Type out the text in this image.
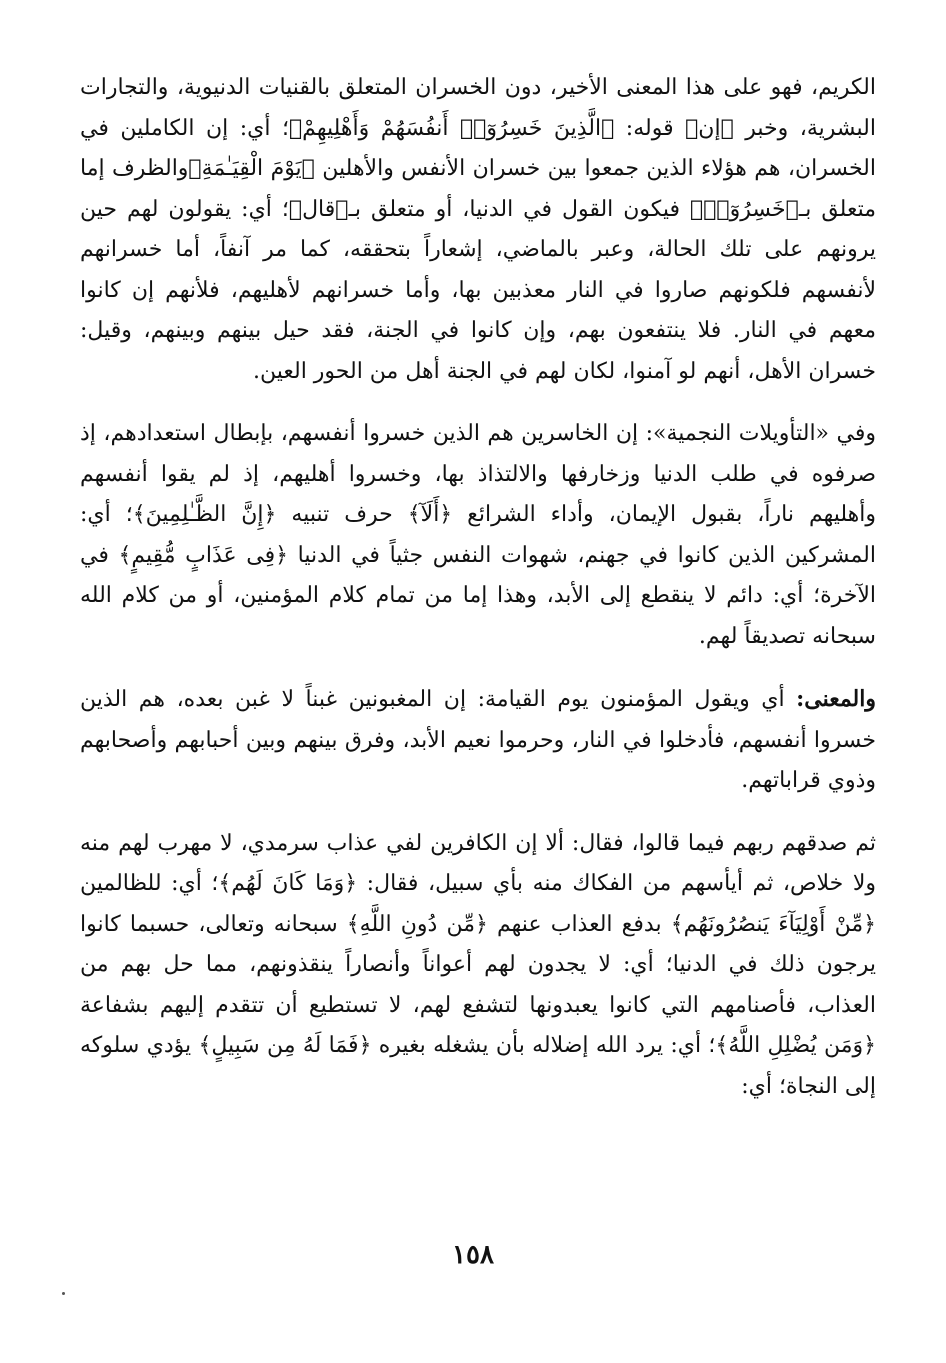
الكريم، فهو على هذا المعنى الأخير، دون الخسران المتعلق بالقنيات الدنيوية، والتجارات البشرية، وخبر ﴿إن﴾ قوله: ﴿الَّذِينَ خَسِرُوٓا۟ أَنفُسَهُمْ وَأَهْلِيهِمْ﴾؛ أي: إن الكاملين في الخسران، هم هؤلاء الذين جمعوا بين خسران الأنفس والأهلين ﴿يَوْمَ الْقِيَـٰمَةِ﴾والظرف إما متعلق بـ﴿خَسِرُوٓا۟﴾ فيكون القول في الدنيا، أو متعلق بـ﴿قال﴾؛ أي: يقولون لهم حين يرونهم على تلك الحالة، وعبر بالماضي، إشعاراً بتحققه، كما مر آنفاً، أما خسرانهم لأنفسهم فلكونهم صاروا في النار معذبين بها، وأما خسرانهم لأهليهم، فلأنهم إن كانوا معهم في النار. فلا ينتفعون بهم، وإن كانوا في الجنة، فقد حيل بينهم وبينهم، وقيل: خسران الأهل، أنهم لو آمنوا، لكان لهم في الجنة أهل من الحور العين.

وفي «التأويلات النجمية»: إن الخاسرين هم الذين خسروا أنفسهم، بإبطال استعدادهم، إذ صرفوه في طلب الدنيا وزخارفها والالتذاذ بها، وخسروا أهليهم، إذ لم يقوا أنفسهم وأهليهم ناراً، بقبول الإيمان، وأداء الشرائع ﴿أَلَآ﴾ حرف تنبيه ﴿إِنَّ الظَّـٰلِمِينَ﴾؛ أي: المشركين الذين كانوا في جهنم، شهوات النفس جثياً في الدنيا ﴿فِى عَذَابٍ مُّقِيمٍ﴾ في الآخرة؛ أي: دائم لا ينقطع إلى الأبد، وهذا إما من تمام كلام المؤمنين، أو من كلام الله سبحانه تصديقاً لهم.

والمعنى: أي ويقول المؤمنون يوم القيامة: إن المغبونين غبناً لا غبن بعده، هم الذين خسروا أنفسهم، فأدخلوا في النار، وحرموا نعيم الأبد، وفرق بينهم وبين أحبابهم وأصحابهم وذوي قراباتهم.

ثم صدقهم ربهم فيما قالوا، فقال: ألا إن الكافرين لفي عذاب سرمدي، لا مهرب لهم منه ولا خلاص، ثم أيأسهم من الفكاك منه بأي سبيل، فقال: ﴿وَمَا كَانَ لَهُم﴾؛ أي: للظالمين ﴿مِّنْ أَوْلِيَآءَ يَنصُرُونَهُم﴾ بدفع العذاب عنهم ﴿مِّن دُونِ اللَّهِ﴾ سبحانه وتعالى، حسبما كانوا يرجون ذلك في الدنيا؛ أي: لا يجدون لهم أعواناً وأنصاراً ينقذونهم، مما حل بهم من العذاب، فأصنامهم التي كانوا يعبدونها لتشفع لهم، لا تستطيع أن تتقدم إليهم بشفاعة ﴿وَمَن يُضْلِلِ اللَّهُ﴾؛ أي: يرد الله إضلاله بأن يشغله بغيره ﴿فَمَا لَهُ مِن سَبِيلٍ﴾ يؤدي سلوكه إلى النجاة؛ أي:

١٥٨
